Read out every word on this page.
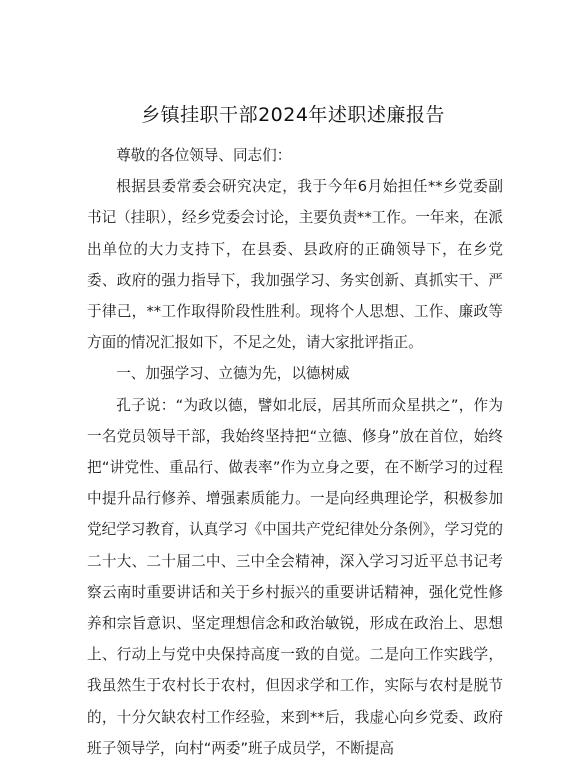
乡镇挂职干部2024年述职述廉报告

尊敬的各位领导、同志们：

根据县委常委会研究决定，我于今年6月始担任**乡党委副书记（挂职），经乡党委会讨论，主要负责**工作。一年来，在派出单位的大力支持下，在县委、县政府的正确领导下，在乡党委、政府的强力指导下，我加强学习、务实创新、真抓实干、严于律己，**工作取得阶段性胜利。现将个人思想、工作、廉政等方面的情况汇报如下，不足之处，请大家批评指正。

一、加强学习、立德为先，以德树威

孔子说：“为政以德，譬如北辰，居其所而众星拱之”，作为一名党员领导干部，我始终坚持把“立德、修身”放在首位，始终把“讲党性、重品行、做表率”作为立身之要，在不断学习的过程中提升品行修养、增强素质能力。一是向经典理论学，积极参加党纪学习教育，认真学习《中国共产党纪律处分条例》，学习党的二十大、二十届二中、三中全会精神，深入学习习近平总书记考察云南时重要讲话和关于乡村振兴的重要讲话精神，强化党性修养和宗旨意识、坚定理想信念和政治敏锐，形成在政治上、思想上、行动上与党中央保持高度一致的自觉。二是向工作实践学，我虽然生于农村长于农村，但因求学和工作，实际与农村是脱节的，十分欠缺农村工作经验，来到**后，我虚心向乡党委、政府班子领导学，向村“两委”班子成员学，不断提高
